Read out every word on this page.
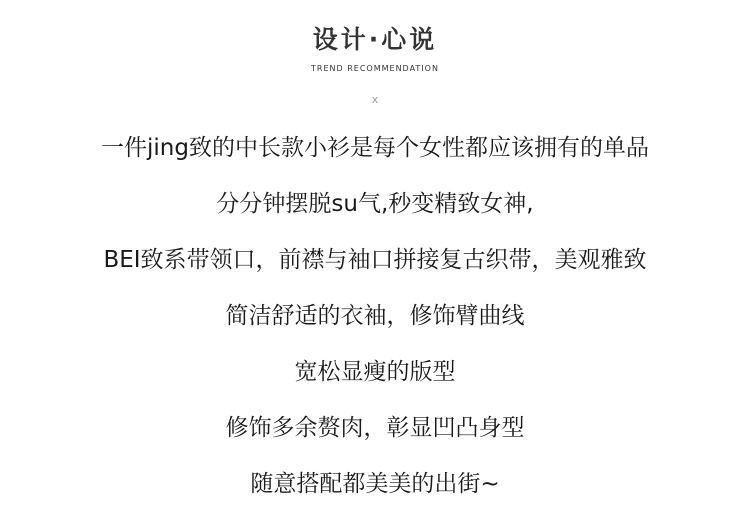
设计·心说
TREND RECOMMENDATION
x
一件jing致的中长款小衫是每个女性都应该拥有的单品
分分钟摆脱su气,秒变精致女神,
BEI致系带领口，前襟与袖口拼接复古织带，美观雅致
简洁舒适的衣袖，修饰臂曲线
宽松显瘦的版型
修饰多余赘肉，彰显凹凸身型
随意搭配都美美的出街~
